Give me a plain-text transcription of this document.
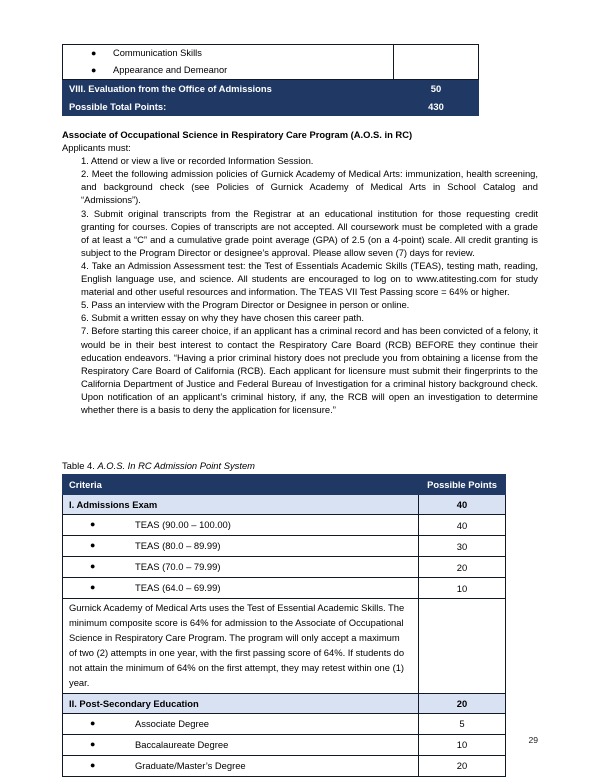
● Communication Skills
● Appearance and Demeanor	

VIII. Evaluation from the Office of Admissions	50
Possible Total Points:	430

Associate of Occupational Science in Respiratory Care Program (A.O.S. in RC)

Applicants must:

1. Attend or view a live or recorded Information Session.

2. Meet the following admission policies of Gurnick Academy of Medical Arts: immunization, health screening, and background check (see Policies of Gurnick Academy of Medical Arts in School Catalog and “Admissions”).

3. Submit original transcripts from the Registrar at an educational institution for those requesting credit granting for courses. Copies of transcripts are not accepted. All coursework must be completed with a grade of at least a “C” and a cumulative grade point average (GPA) of 2.5 (on a 4-point) scale. All credit granting is subject to the Program Director or designee’s approval. Please allow seven (7) days for review.

4. Take an Admission Assessment test: the Test of Essentials Academic Skills (TEAS), testing math, reading, English language use, and science. All students are encouraged to log on to www.atitesting.com for study material and other useful resources and information. The TEAS VII Test Passing score = 64% or higher.

5. Pass an interview with the Program Director or Designee in person or online.

6. Submit a written essay on why they have chosen this career path.

7. Before starting this career choice, if an applicant has a criminal record and has been convicted of a felony, it would be in their best interest to contact the Respiratory Care Board (RCB) BEFORE they continue their education endeavors. “Having a prior criminal history does not preclude you from obtaining a license from the Respiratory Care Board of California (RCB). Each applicant for licensure must submit their fingerprints to the California Department of Justice and Federal Bureau of Investigation for a criminal history background check. Upon notification of an applicant’s criminal history, if any, the RCB will open an investigation to determine whether there is a basis to deny the application for licensure.”

Table 4. A.O.S. In RC Admission Point System
Criteria	Possible Points
I. Admissions Exam	40

● TEAS (90.00 – 100.00)	40

● TEAS (80.0 – 89.99)	30

● TEAS (70.0 – 79.99)	20

● TEAS (64.0 – 69.99)	10
Gurnick Academy of Medical Arts uses the Test of Essential Academic Skills. The minimum composite score is 64% for admission to the Associate of Occupational Science in Respiratory Care Program. The program will only accept a maximum of two (2) attempts in one year, with the first passing score of 64%. If students do not attain the minimum of 64% on the first attempt, they may retest within one (1) year.	
II. Post-Secondary Education	20

● Associate Degree	5

● Baccalaureate Degree	10

● Graduate/Master’s Degree	20
29
